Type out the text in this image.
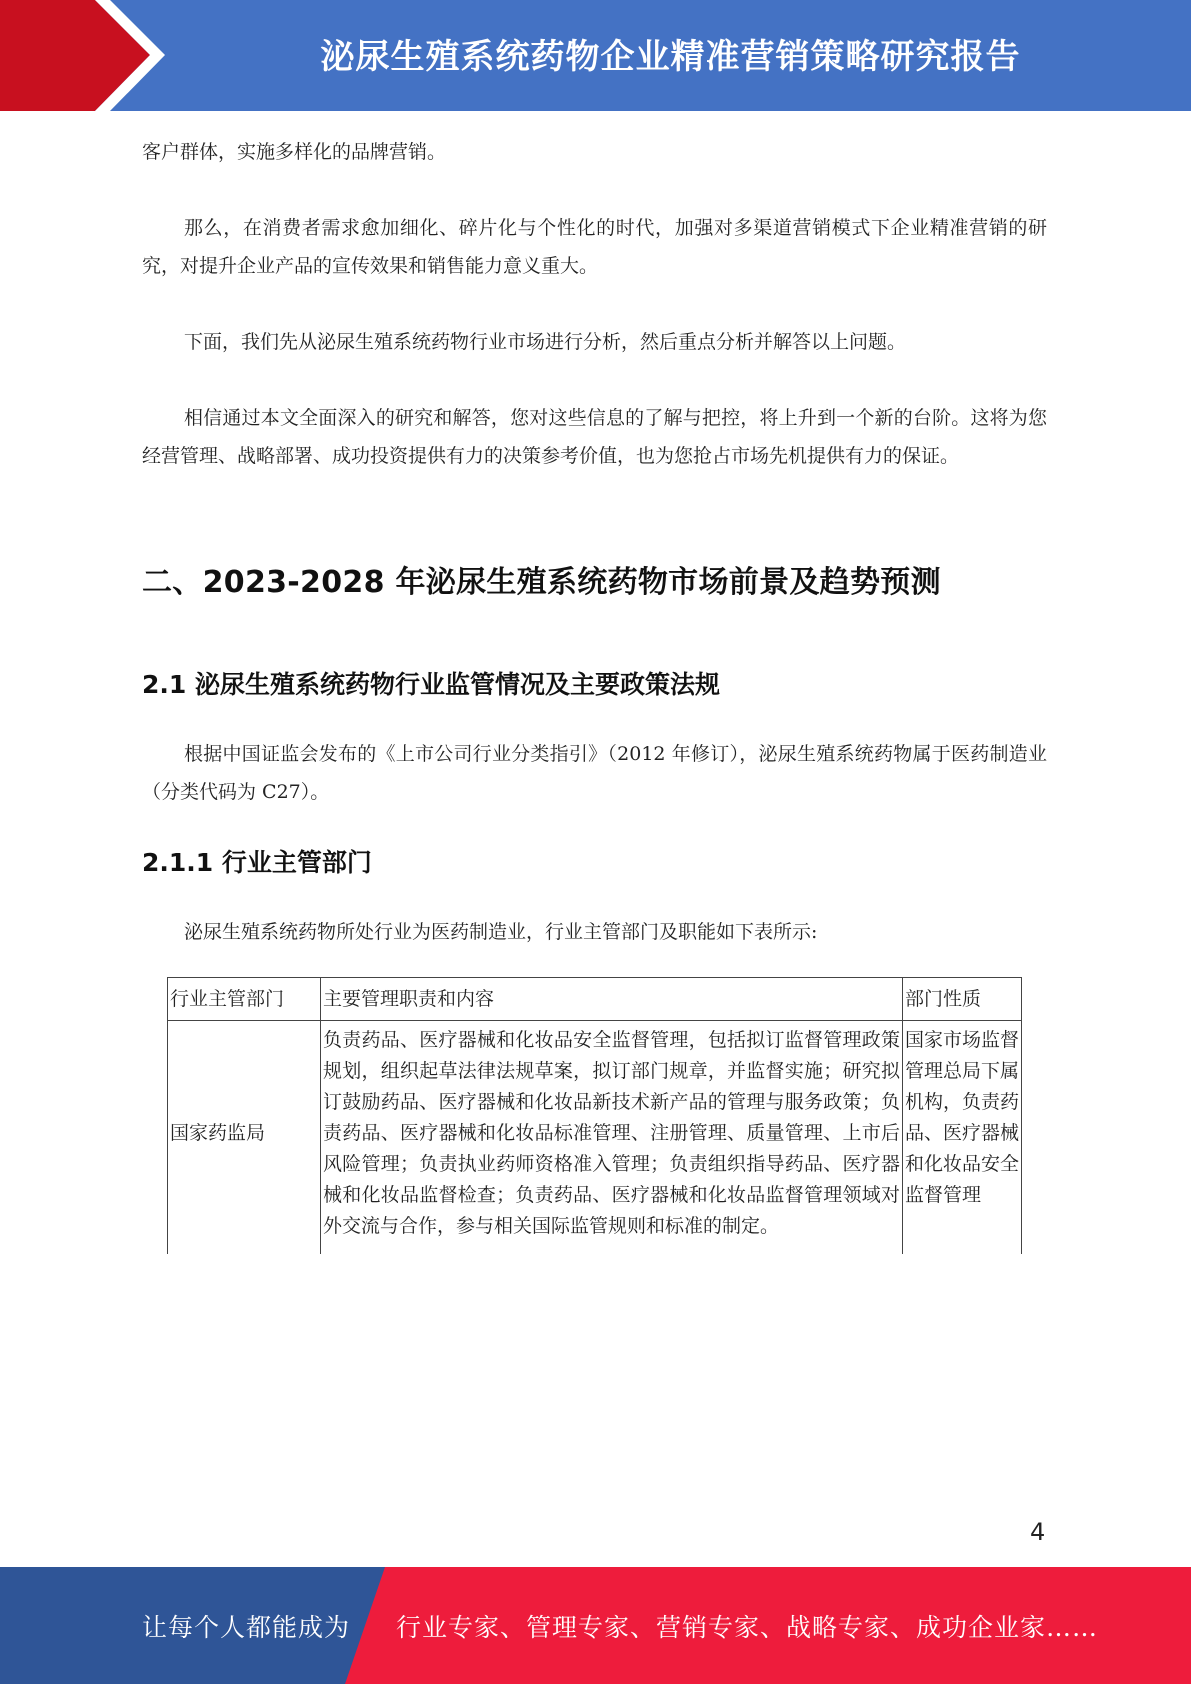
泌尿生殖系统药物企业精准营销策略研究报告

客户群体，实施多样化的品牌营销。

那么，在消费者需求愈加细化、碎片化与个性化的时代，加强对多渠道营销模式下企业精准营销的研究，对提升企业产品的宣传效果和销售能力意义重大。

下面，我们先从泌尿生殖系统药物行业市场进行分析，然后重点分析并解答以上问题。

相信通过本文全面深入的研究和解答，您对这些信息的了解与把控，将上升到一个新的台阶。这将为您经营管理、战略部署、成功投资提供有力的决策参考价值，也为您抢占市场先机提供有力的保证。

二、2023-2028 年泌尿生殖系统药物市场前景及趋势预测
2.1 泌尿生殖系统药物行业监管情况及主要政策法规

根据中国证监会发布的《上市公司行业分类指引》（2012 年修订），泌尿生殖系统药物属于医药制造业（分类代码为 C27）。

2.1.1 行业主管部门

泌尿生殖系统药物所处行业为医药制造业，行业主管部门及职能如下表所示:

行业主管部门	主要管理职责和内容	部门性质
国家药监局	负责药品、医疗器械和化妆品安全监督管理，包括拟订监督管理政策规划，组织起草法律法规草案，拟订部门规章，并监督实施；研究拟订鼓励药品、医疗器械和化妆品新技术新产品的管理与服务政策；负责药品、医疗器械和化妆品标准管理、注册管理、质量管理、上市后风险管理；负责执业药师资格准入管理；负责组织指导药品、医疗器械和化妆品监督检查；负责药品、医疗器械和化妆品监督管理领域对外交流与合作，参与相关国际监管规则和标准的制定。	国家市场监督管理总局下属机构，负责药品、医疗器械和化妆品安全监督管理
4
让每个人都能成为 行业专家、管理专家、营销专家、战略专家、成功企业家……
